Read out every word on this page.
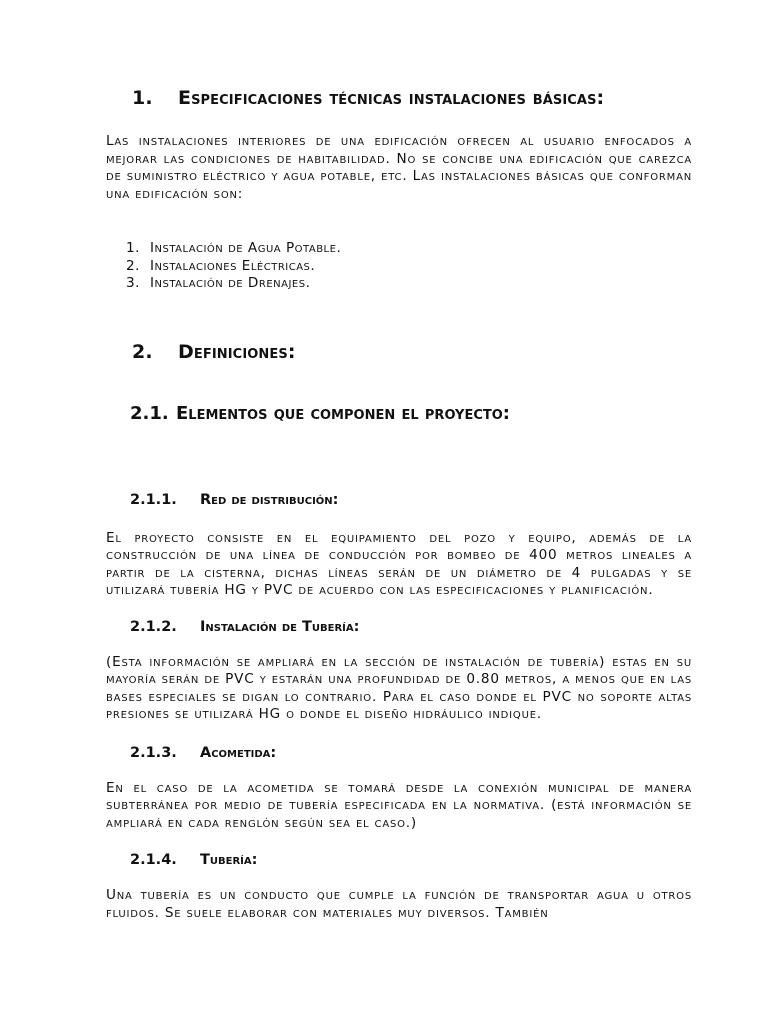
1.	Especificaciones técnicas instalaciones básicas:

Las instalaciones interiores de una edificación ofrecen al usuario enfocados a mejorar las condiciones de habitabilidad. No se concibe una edificación que carezca de suministro eléctrico y agua potable, etc. Las instalaciones básicas que conforman una edificación son:

1. Instalación de Agua Potable.
2. Instalaciones Eléctricas.
3. Instalación de Drenajes.
2.	Definiciones:
2.1. Elementos que componen el proyecto:
2.1.1.	Red de distribución:

El proyecto consiste en el equipamiento del pozo y equipo, además de la construcción de una línea de conducción por bombeo de 400 metros lineales a partir de la cisterna, dichas líneas serán de un diámetro de 4 pulgadas y se utilizará tubería HG y PVC de acuerdo con las especificaciones y planificación.

2.1.2.	Instalación de Tubería:

(Esta información se ampliará en la sección de instalación de tubería) estas en su mayoría serán de PVC y estarán una profundidad de 0.80 metros, a menos que en las bases especiales se digan lo contrario. Para el caso donde el PVC no soporte altas presiones se utilizará HG o donde el diseño hidráulico indique.

2.1.3.	Acometida:

En el caso de la acometida se tomará desde la conexión municipal de manera subterránea por medio de tubería especificada en la normativa. (está información se ampliará en cada renglón según sea el caso.)

2.1.4.	Tubería:

Una tubería es un conducto que cumple la función de transportar agua u otros fluidos. Se suele elaborar con materiales muy diversos. También
